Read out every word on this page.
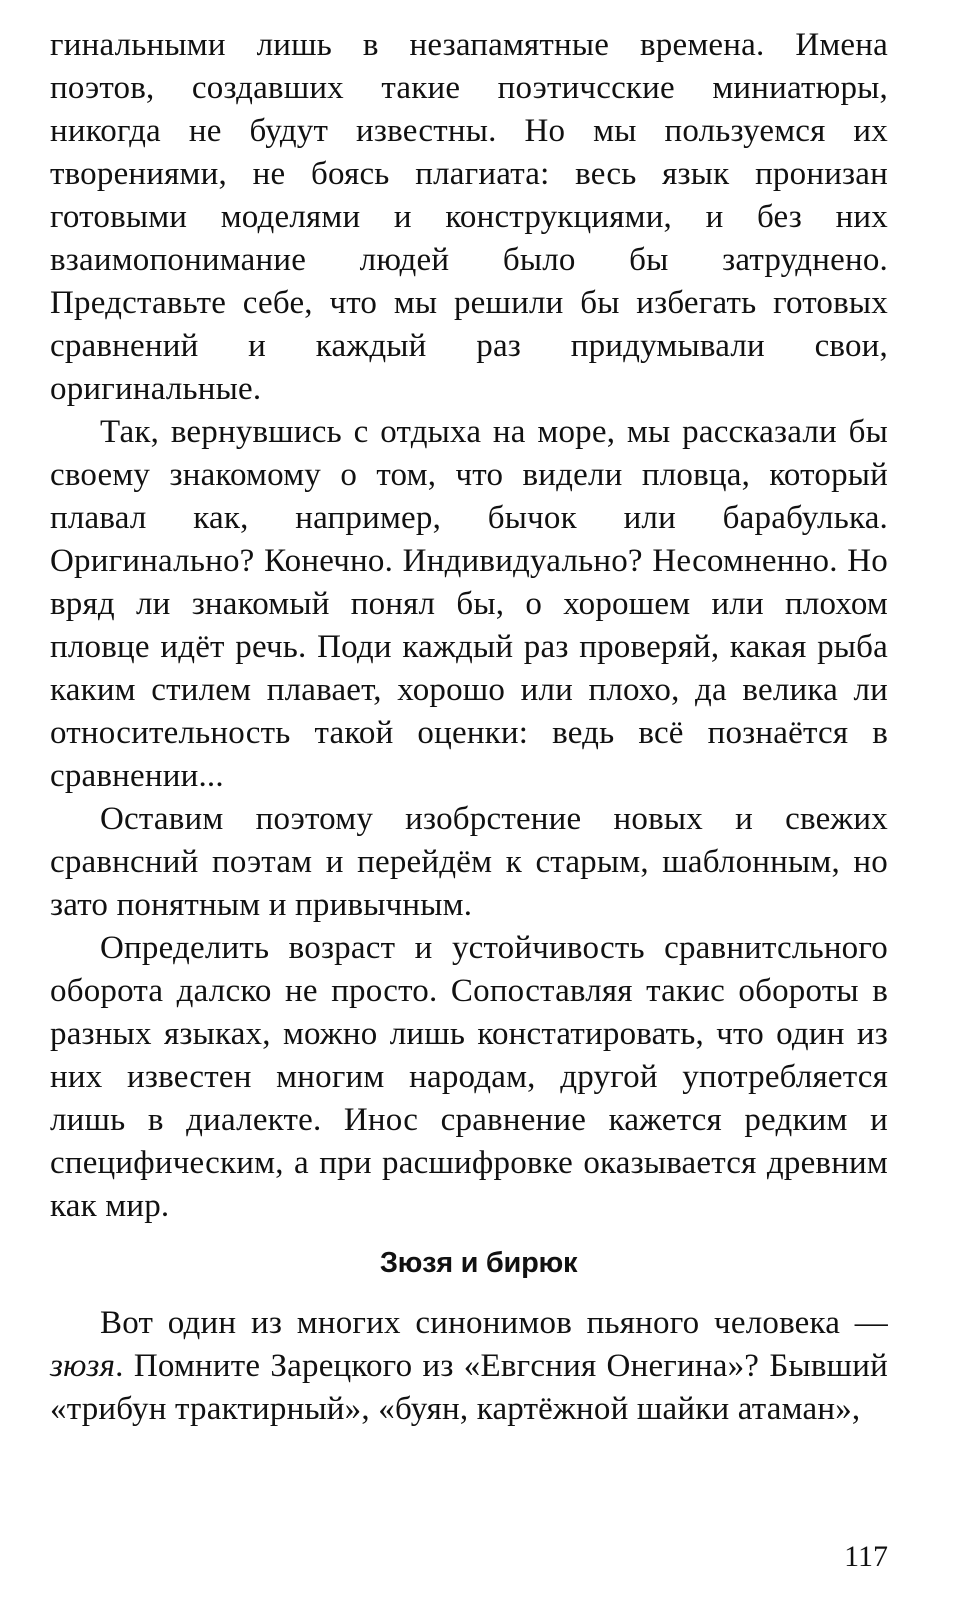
гинальными лишь в незапамятные времена. Имена поэтов, создавших такие поэтичсские миниатюры, никогда не будут известны. Но мы пользуемся их творениями, не боясь плагиата: весь язык пронизан готовыми моделями и конструкциями, и без них взаимопонимание людей было бы затруднено. Представьте себе, что мы решили бы избегать готовых сравнений и каждый раз придумывали свои, оригинальные.

Так, вернувшись с отдыха на море, мы рассказали бы своему знакомому о том, что видели пловца, который плавал как, например, бычок или барабулька. Оригинально? Конечно. Индивидуально? Несомненно. Но вряд ли знакомый понял бы, о хорошем или плохом пловце идёт речь. Поди каждый раз проверяй, какая рыба каким стилем плавает, хорошо или плохо, да велика ли относительность такой оценки: ведь всё познаётся в сравнении...

Оставим поэтому изобрстение новых и свежих сравнсний поэтам и перейдём к старым, шаблонным, но зато понятным и привычным.

Определить возраст и устойчивость сравнитсльного оборота далско не просто. Сопоставляя такис обороты в разных языках, можно лишь констатировать, что один из них известен многим народам, другой употребляется лишь в диалекте. Инос сравнение кажется редким и специфическим, а при расшифровке оказывается древним как мир.

Зюзя и бирюк

Вот один из многих синонимов пьяного человека — зюзя. Помните Зарецкого из «Евгсния Онегина»? Бывший «трибун трактирный», «буян, картёжной шайки атаман»,

117
